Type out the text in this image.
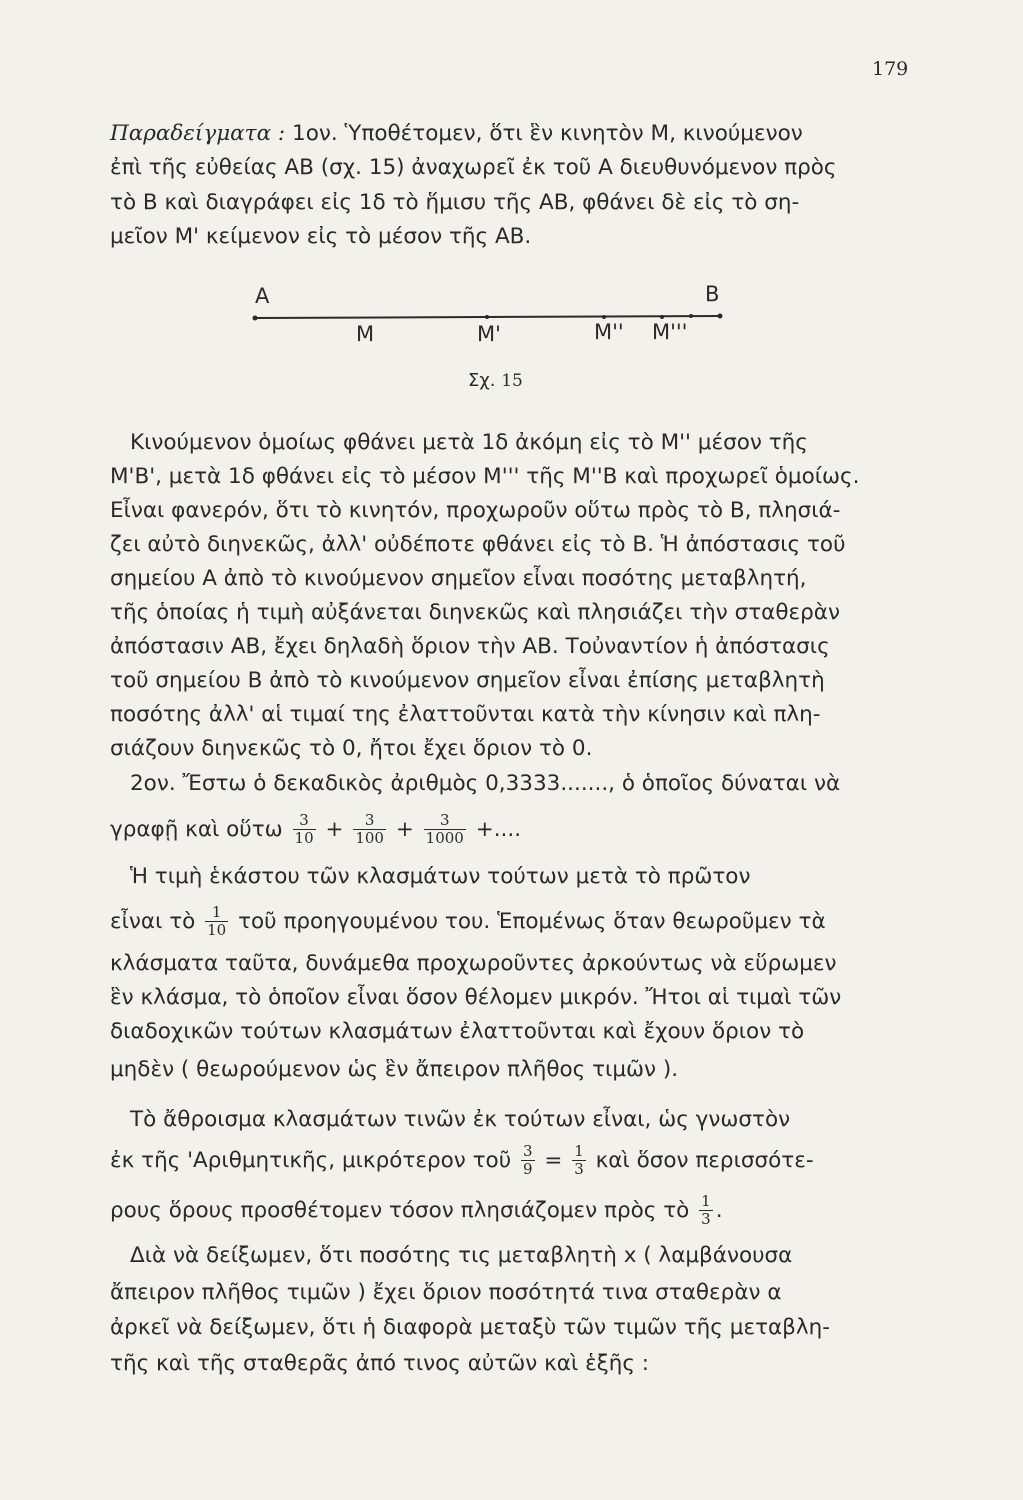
179
Παραδείγματα : 1ον. Ὑποθέτομεν, ὅτι ἓν κινητὸν Μ, κινούμενον
ἐπὶ τῆς εὐθείας ΑΒ (σχ. 15) ἀναχωρεῖ ἐκ τοῦ Α διευθυνόμενον πρὸς
τὸ Β καὶ διαγράφει εἰς 1δ τὸ ἥμισυ τῆς ΑΒ, φθάνει δὲ εἰς τὸ ση-
μεῖον Μ' κείμενον εἰς τὸ μέσον τῆς ΑΒ.
Α	Β
Μ	Μ'	Μ'' Μ'''
Σχ. 15
Κινούμενον ὁμοίως φθάνει μετὰ 1δ ἀκόμη εἰς τὸ Μ'' μέσον τῆς
Μ'Β', μετὰ 1δ φθάνει εἰς τὸ μέσον Μ''' τῆς Μ''Β καὶ προχωρεῖ ὁμοίως.
Εἶναι φανερόν, ὅτι τὸ κινητόν, προχωροῦν οὕτω πρὸς τὸ Β, πλησιά-
ζει αὐτὸ διηνεκῶς, ἀλλ' οὐδέποτε φθάνει εἰς τὸ Β. Ἡ ἀπόστασις τοῦ
σημείου Α ἀπὸ τὸ κινούμενον σημεῖον εἶναι ποσότης μεταβλητή,
τῆς ὁποίας ἡ τιμὴ αὐξάνεται διηνεκῶς καὶ πλησιάζει τὴν σταθερὰν
ἀπόστασιν ΑΒ, ἔχει δηλαδὴ ὅριον τὴν ΑΒ. Τοὐναντίον ἡ ἀπόστασις
τοῦ σημείου Β ἀπὸ τὸ κινούμενον σημεῖον εἶναι ἐπίσης μεταβλητὴ
ποσότης ἀλλ' αἱ τιμαί της ἐλαττοῦνται κατὰ τὴν κίνησιν καὶ πλη-
σιάζουν διηνεκῶς τὸ 0, ἤτοι ἔχει ὅριον τὸ 0.
2ον. Ἔστω ὁ δεκαδικὸς ἀριθμὸς 0,3333......., ὁ ὁποῖος δύναται νὰ
γραφῇ καὶ οὕτω $\frac{3}{10} + \frac{3}{100} + \frac{3}{1000}$ +....
Ἡ τιμὴ ἑκάστου τῶν κλασμάτων τούτων μετὰ τὸ πρῶτον
εἶναι τὸ $\frac{1}{10}$ τοῦ προηγουμένου του. Ἑπομένως ὅταν θεωροῦμεν τὰ
κλάσματα ταῦτα, δυνάμεθα προχωροῦντες ἀρκούντως νὰ εὕρωμεν
ἓν κλάσμα, τὸ ὁποῖον εἶναι ὅσον θέλομεν μικρόν. Ἤτοι αἱ τιμαὶ τῶν
διαδοχικῶν τούτων κλασμάτων ἐλαττοῦνται καὶ ἔχουν ὅριον τὸ
μηδὲν ( θεωρούμενον ὡς ἓν ἄπειρον πλῆθος τιμῶν ).
Τὸ ἄθροισμα κλασμάτων τινῶν ἐκ τούτων εἶναι, ὡς γνωστὸν
ἐκ τῆς 'Αριθμητικῆς, μικρότερον τοῦ $\frac{3}{9} = \frac{1}{3}$ καὶ ὅσον περισσότε-
ρους ὅρους προσθέτομεν τόσον πλησιάζομεν πρὸς τὸ $\frac{1}{3}$ .
Διὰ νὰ δείξωμεν, ὅτι ποσότης τις μεταβλητὴ x ( λαμβάνουσα
ἄπειρον πλῆθος τιμῶν ) ἔχει ὅριον ποσότητά τινα σταθερὰν α
ἀρκεῖ νὰ δείξωμεν, ὅτι ἡ διαφορὰ μεταξὺ τῶν τιμῶν τῆς μεταβλη-
τῆς καὶ τῆς σταθερᾶς ἀπό τινος αὐτῶν καὶ ἑξῆς :
